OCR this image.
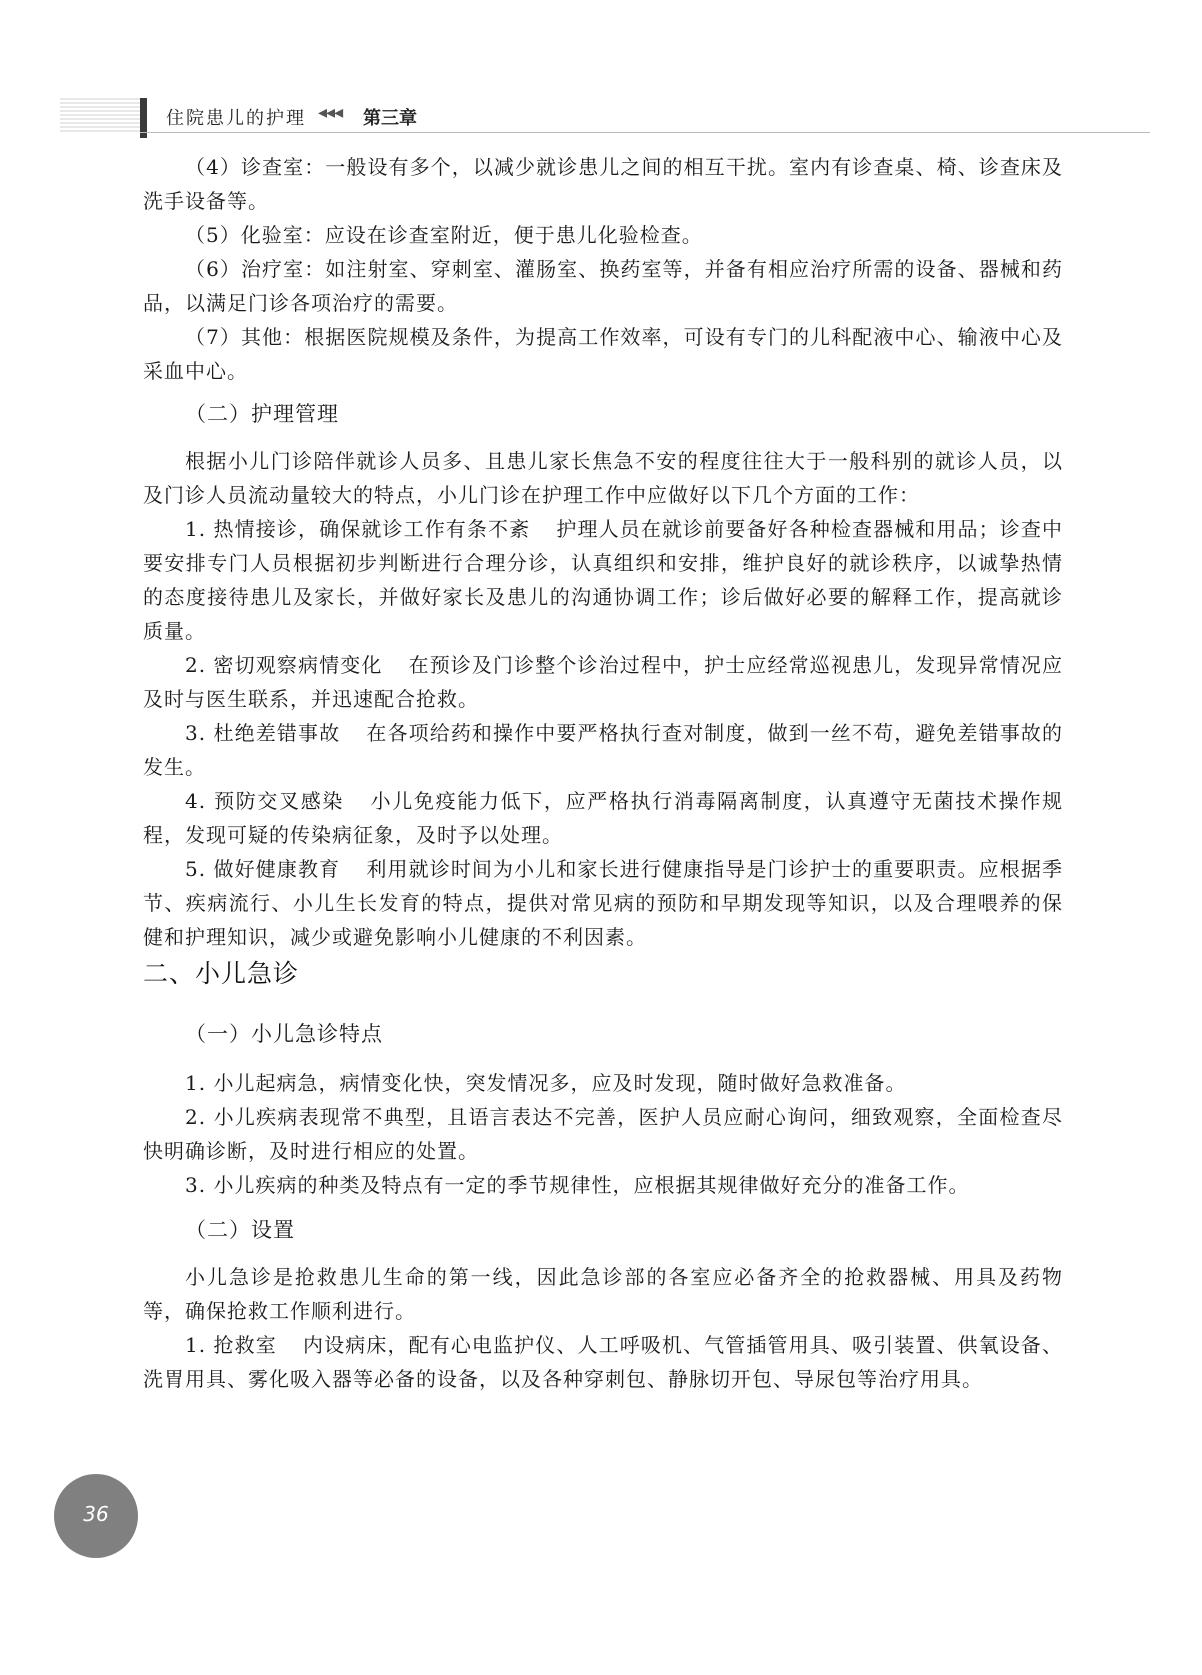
住院患儿的护理 ◂◂◂ 第三章
（4）诊查室：一般设有多个，以减少就诊患儿之间的相互干扰。室内有诊查桌、椅、诊查床及洗手设备等。
（5）化验室：应设在诊查室附近，便于患儿化验检查。
（6）治疗室：如注射室、穿刺室、灌肠室、换药室等，并备有相应治疗所需的设备、器械和药品，以满足门诊各项治疗的需要。
（7）其他：根据医院规模及条件，为提高工作效率，可设有专门的儿科配液中心、输液中心及采血中心。
（二）护理管理
根据小儿门诊陪伴就诊人员多、且患儿家长焦急不安的程度往往大于一般科别的就诊人员，以及门诊人员流动量较大的特点，小儿门诊在护理工作中应做好以下几个方面的工作：
1. 热情接诊，确保就诊工作有条不紊 护理人员在就诊前要备好各种检查器械和用品；诊查中要安排专门人员根据初步判断进行合理分诊，认真组织和安排，维护良好的就诊秩序，以诚挚热情的态度接待患儿及家长，并做好家长及患儿的沟通协调工作；诊后做好必要的解释工作，提高就诊质量。
2. 密切观察病情变化 在预诊及门诊整个诊治过程中，护士应经常巡视患儿，发现异常情况应及时与医生联系，并迅速配合抢救。
3. 杜绝差错事故 在各项给药和操作中要严格执行查对制度，做到一丝不苟，避免差错事故的发生。
4. 预防交叉感染 小儿免疫能力低下，应严格执行消毒隔离制度，认真遵守无菌技术操作规程，发现可疑的传染病征象，及时予以处理。
5. 做好健康教育 利用就诊时间为小儿和家长进行健康指导是门诊护士的重要职责。应根据季节、疾病流行、小儿生长发育的特点，提供对常见病的预防和早期发现等知识，以及合理喂养的保健和护理知识，减少或避免影响小儿健康的不利因素。
二、小儿急诊
（一）小儿急诊特点
1. 小儿起病急，病情变化快，突发情况多，应及时发现，随时做好急救准备。
2. 小儿疾病表现常不典型，且语言表达不完善，医护人员应耐心询问，细致观察，全面检查尽快明确诊断，及时进行相应的处置。
3. 小儿疾病的种类及特点有一定的季节规律性，应根据其规律做好充分的准备工作。
（二）设置
小儿急诊是抢救患儿生命的第一线，因此急诊部的各室应必备齐全的抢救器械、用具及药物等，确保抢救工作顺利进行。
1. 抢救室 内设病床，配有心电监护仪、人工呼吸机、气管插管用具、吸引装置、供氧设备、洗胃用具、雾化吸入器等必备的设备，以及各种穿刺包、静脉切开包、导尿包等治疗用具。
36
